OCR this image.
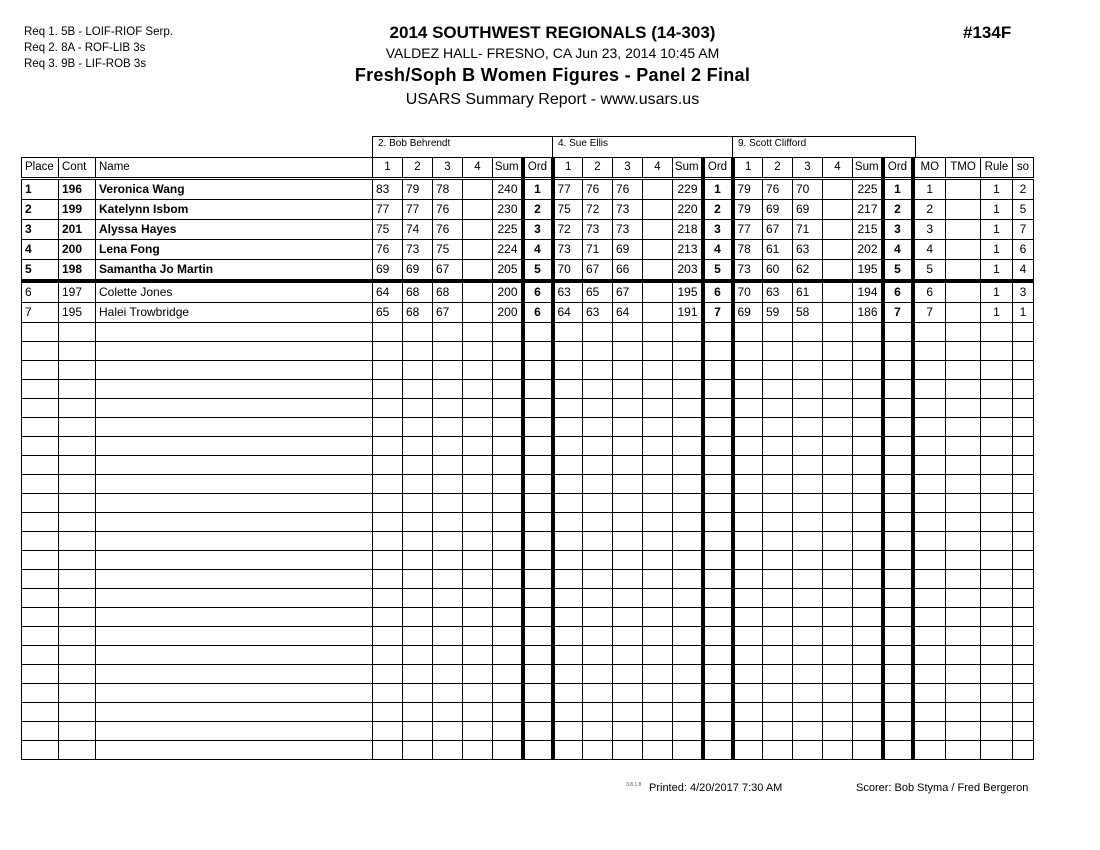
Req 1. 5B - LOIF-RIOF Serp.
Req 2. 8A - ROF-LIB 3s
Req 3. 9B - LIF-ROB 3s
2014 SOUTHWEST REGIONALS (14-303)
VALDEZ HALL- FRESNO, CA Jun 23, 2014 10:45 AM
Fresh/Soph B Women Figures - Panel 2 Final
USARS Summary Report - www.usars.us
#134F
2. Bob Behrendt	4. Sue Ellis	9. Scott Clifford
Place	Cont	Name	1	2	3	4	Sum	Ord	1	2	3	4	Sum	Ord	1	2	3	4	Sum	Ord	MO	TMO	Rule	so
1	196	Veronica Wang	83	79	78		240	1	77	76	76		229	1	79	76	70		225	1	1		1	2
2	199	Katelynn Isbom	77	77	76		230	2	75	72	73		220	2	79	69	69		217	2	2		1	5
3	201	Alyssa Hayes	75	74	76		225	3	72	73	73		218	3	77	67	71		215	3	3		1	7
4	200	Lena Fong	76	73	75		224	4	73	71	69		213	4	78	61	63		202	4	4		1	6
5	198	Samantha Jo Martin	69	69	67		205	5	70	67	66		203	5	73	60	62		195	5	5		1	4
6	197	Colette Jones	64	68	68		200	6	63	65	67		195	6	70	63	61		194	6	6		1	3
7	195	Halei Trowbridge	65	68	67		200	6	64	63	64		191	7	69	59	58		186	7	7		1	1

3.8.1.8 Printed: 4/20/2017 7:30 AM	Scorer: Bob Styma / Fred Bergeron
